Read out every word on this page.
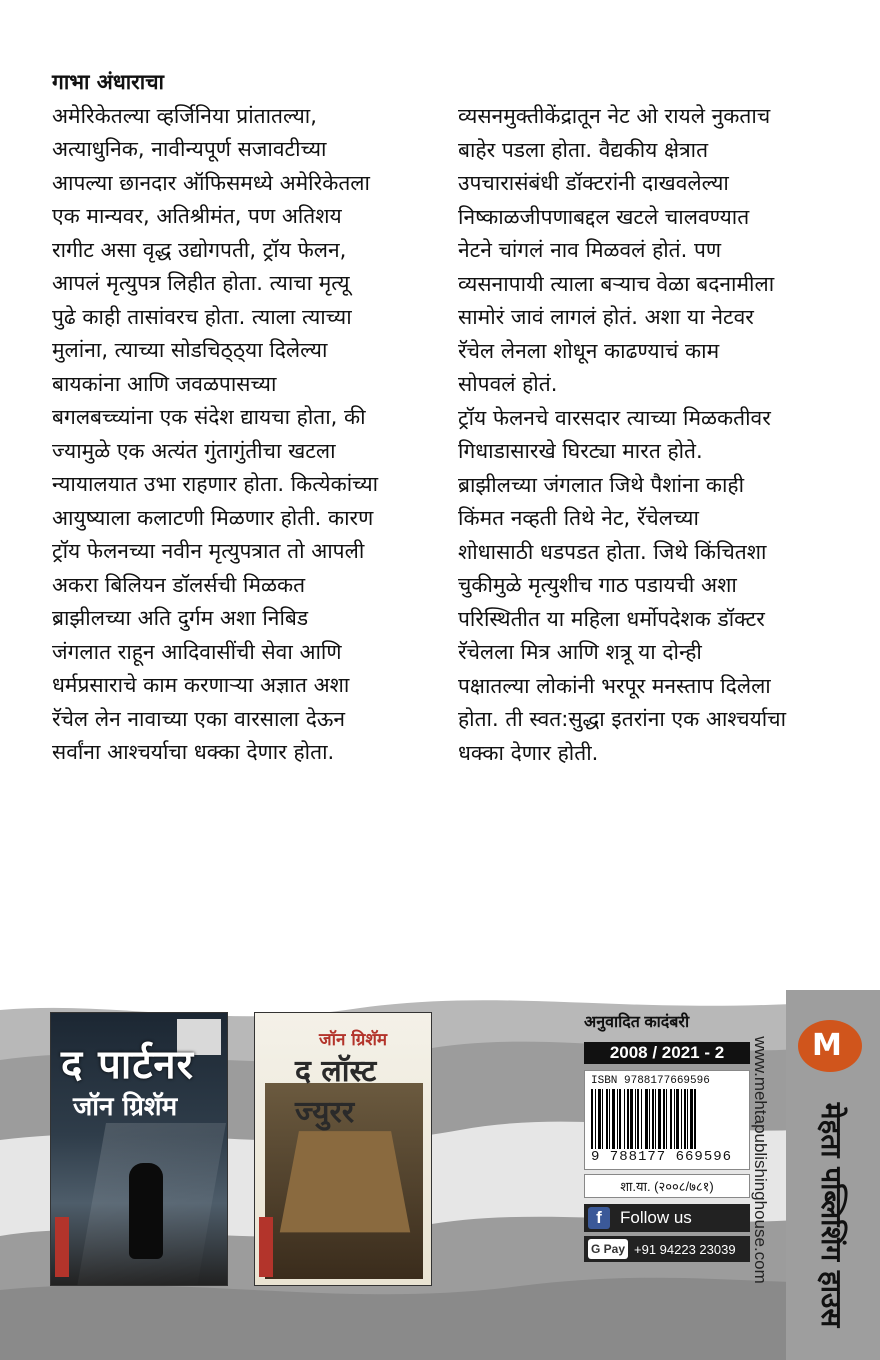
गाभा अंधाराचा

अमेरिकेतल्या व्हर्जिनिया प्रांतातल्या,
अत्याधुनिक, नावीन्यपूर्ण सजावटीच्या
आपल्या छानदार ऑफिसमध्ये अमेरिकेतला
एक मान्यवर, अतिश्रीमंत, पण अतिशय
रागीट असा वृद्ध उद्योगपती, ट्रॉय फेलन,
आपलं मृत्युपत्र लिहीत होता. त्याचा मृत्यू
पुढे काही तासांवरच होता. त्याला त्याच्या
मुलांना, त्याच्या सोडचिठ्ठ्या दिलेल्या
बायकांना आणि जवळपासच्या
बगलबच्च्यांना एक संदेश द्यायचा होता, की
ज्यामुळे एक अत्यंत गुंतागुंतीचा खटला
न्यायालयात उभा राहणार होता. कित्येकांच्या
आयुष्याला कलाटणी मिळणार होती. कारण
ट्रॉय फेलनच्या नवीन मृत्युपत्रात तो आपली
अकरा बिलियन डॉलर्सची मिळकत
ब्राझीलच्या अति दुर्गम अशा निबिड
जंगलात राहून आदिवासींची सेवा आणि
धर्मप्रसाराचे काम करणाऱ्या अज्ञात अशा
रॅचेल लेन नावाच्या एका वारसाला देऊन
सर्वांना आश्चर्याचा धक्का देणार होता.

व्यसनमुक्तीकेंद्रातून नेट ओ रायले नुकताच
बाहेर पडला होता. वैद्यकीय क्षेत्रात
उपचारासंबंधी डॉक्टरांनी दाखवलेल्या
निष्काळजीपणाबद्दल खटले चालवण्यात
नेटने चांगलं नाव मिळवलं होतं. पण
व्यसनापायी त्याला बऱ्याच वेळा बदनामीला
सामोरं जावं लागलं होतं. अशा या नेटवर
रॅचेल लेनला शोधून काढण्याचं काम
सोपवलं होतं.
ट्रॉय फेलनचे वारसदार त्याच्या मिळकतीवर
गिधाडासारखे घिरट्या मारत होते.
ब्राझीलच्या जंगलात जिथे पैशांना काही
किंमत नव्हती तिथे नेट, रॅचेलच्या
शोधासाठी धडपडत होता. जिथे किंचितशा
चुकीमुळे मृत्युशीच गाठ पडायची अशा
परिस्थितीत या महिला धर्मोपदेशक डॉक्टर
रॅचेलला मित्र आणि शत्रू या दोन्ही
पक्षातल्या लोकांनी भरपूर मनस्ताप दिलेला
होता. ती स्वत:सुद्धा इतरांना एक आश्चर्याचा
धक्का देणार होती.

द पार्टनर
जॉन ग्रिशॅम
जॉन ग्रिशॅम
द लॉस्ट ज्युरर
अनुवादित कादंबरी
2008 / 2021 - 2
ISBN 9788177669596
9 788177 669596
शा.या. (२००८/७८१)
f	Follow us
G Pay +91 94223 23039 www.mehtapublishinghouse.com M
मेहता पब्लिशिंग हाउस
